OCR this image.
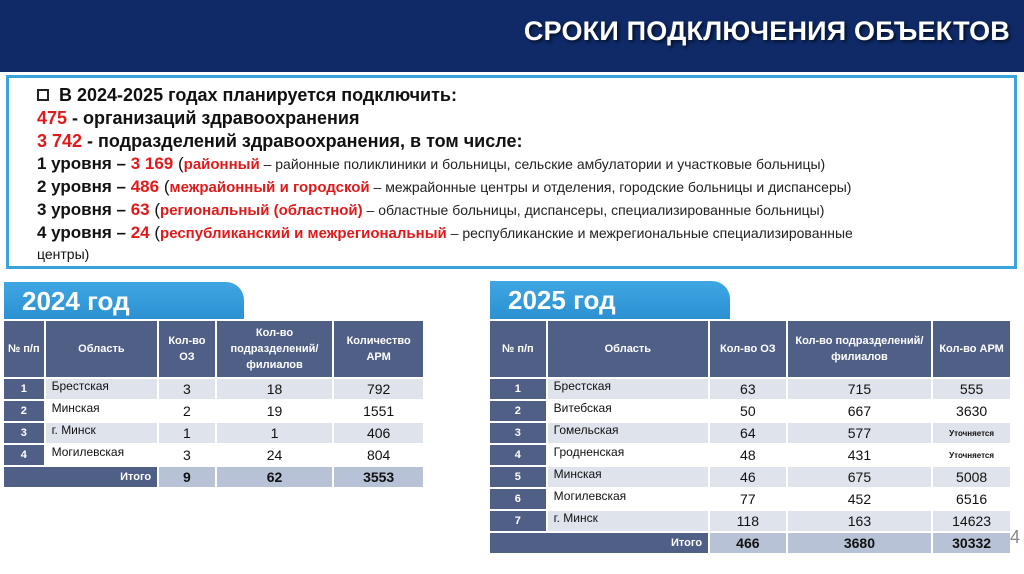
СРОКИ ПОДКЛЮЧЕНИЯ ОБЪЕКТОВ
В 2024-2025 годах планируется подключить:
475 - организаций здравоохранения
3 742 - подразделений здравоохранения, в том числе:
1 уровня – 3 169 (районный – районные поликлиники и больницы, сельские амбулатории и участковые больницы)
2 уровня – 486 (межрайонный и городской – межрайонные центры и отделения, городские больницы и диспансеры)
3 уровня – 63 (региональный (областной) – областные больницы, диспансеры, специализированные больницы)
4 уровня – 24 (республиканский и межрегиональный – республиканские и межрегиональные специализированные
центры)
2024 год
№ п/п	Область	Кол-во ОЗ	Кол-во подразделений/ филиалов	Количество АРМ
1	Брестская	3	18	792
2	Минская	2	19	1551
3	г. Минск	1	1	406
4	Могилевская	3	24	804
Итого		9	62	3553
2025 год
№ п/п	Область	Кол-во ОЗ	Кол-во подразделений/ филиалов	Кол-во АРМ
1	Брестская	63	715	555
2	Витебская	50	667	3630
3	Гомельская	64	577	Уточняется
4	Гродненская	48	431	Уточняется
5	Минская	46	675	5008
6	Могилевская	77	452	6516
7	г. Минск	118	163	14623
Итого		466	3680	30332 4
